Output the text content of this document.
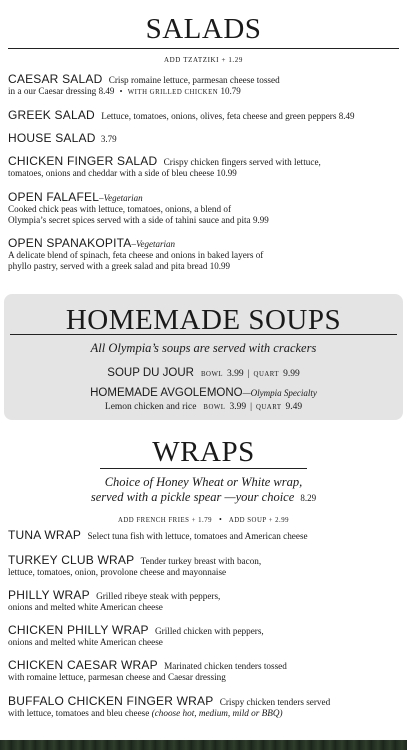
SALADS
ADD TZATZIKI + 1.29
CAESAR SALAD Crisp romaine lettuce, parmesan cheese tossed
in a our Caesar dressing 8.49 • WITH GRILLED CHICKEN 10.79
GREEK SALAD Lettuce, tomatoes, onions, olives, feta cheese and green peppers 8.49
HOUSE SALAD 3.79
CHICKEN FINGER SALAD Crispy chicken fingers served with lettuce,
tomatoes, onions and cheddar with a side of bleu cheese 10.99
OPEN FALAFEL–Vegetarian
Cooked chick peas with lettuce, tomatoes, onions, a blend of
Olympia’s secret spices served with a side of tahini sauce and pita 9.99
OPEN SPANAKOPITA–Vegetarian
A delicate blend of spinach, feta cheese and onions in baked layers of
phyllo pastry, served with a greek salad and pita bread 10.99
HOMEMADE SOUPS
All Olympia’s soups are served with crackers
SOUP DU JOUR BOWL 3.99 | QUART 9.99
HOMEMADE AVGOLEMONO—Olympia Specialty
Lemon chicken and rice BOWL 3.99 | QUART 9.49
WRAPS
Choice of Honey Wheat or White wrap,
served with a pickle spear —your choice 8.29
ADD FRENCH FRIES + 1.79 • ADD SOUP + 2.99
TUNA WRAP Select tuna fish with lettuce, tomatoes and American cheese
TURKEY CLUB WRAP Tender turkey breast with bacon,
lettuce, tomatoes, onion, provolone cheese and mayonnaise
PHILLY WRAP Grilled ribeye steak with peppers,
onions and melted white American cheese
CHICKEN PHILLY WRAP Grilled chicken with peppers,
onions and melted white American cheese
CHICKEN CAESAR WRAP Marinated chicken tenders tossed
with romaine lettuce, parmesan cheese and Caesar dressing
BUFFALO CHICKEN FINGER WRAP Crispy chicken tenders served
with lettuce, tomatoes and bleu cheese (choose hot, medium, mild or BBQ)
